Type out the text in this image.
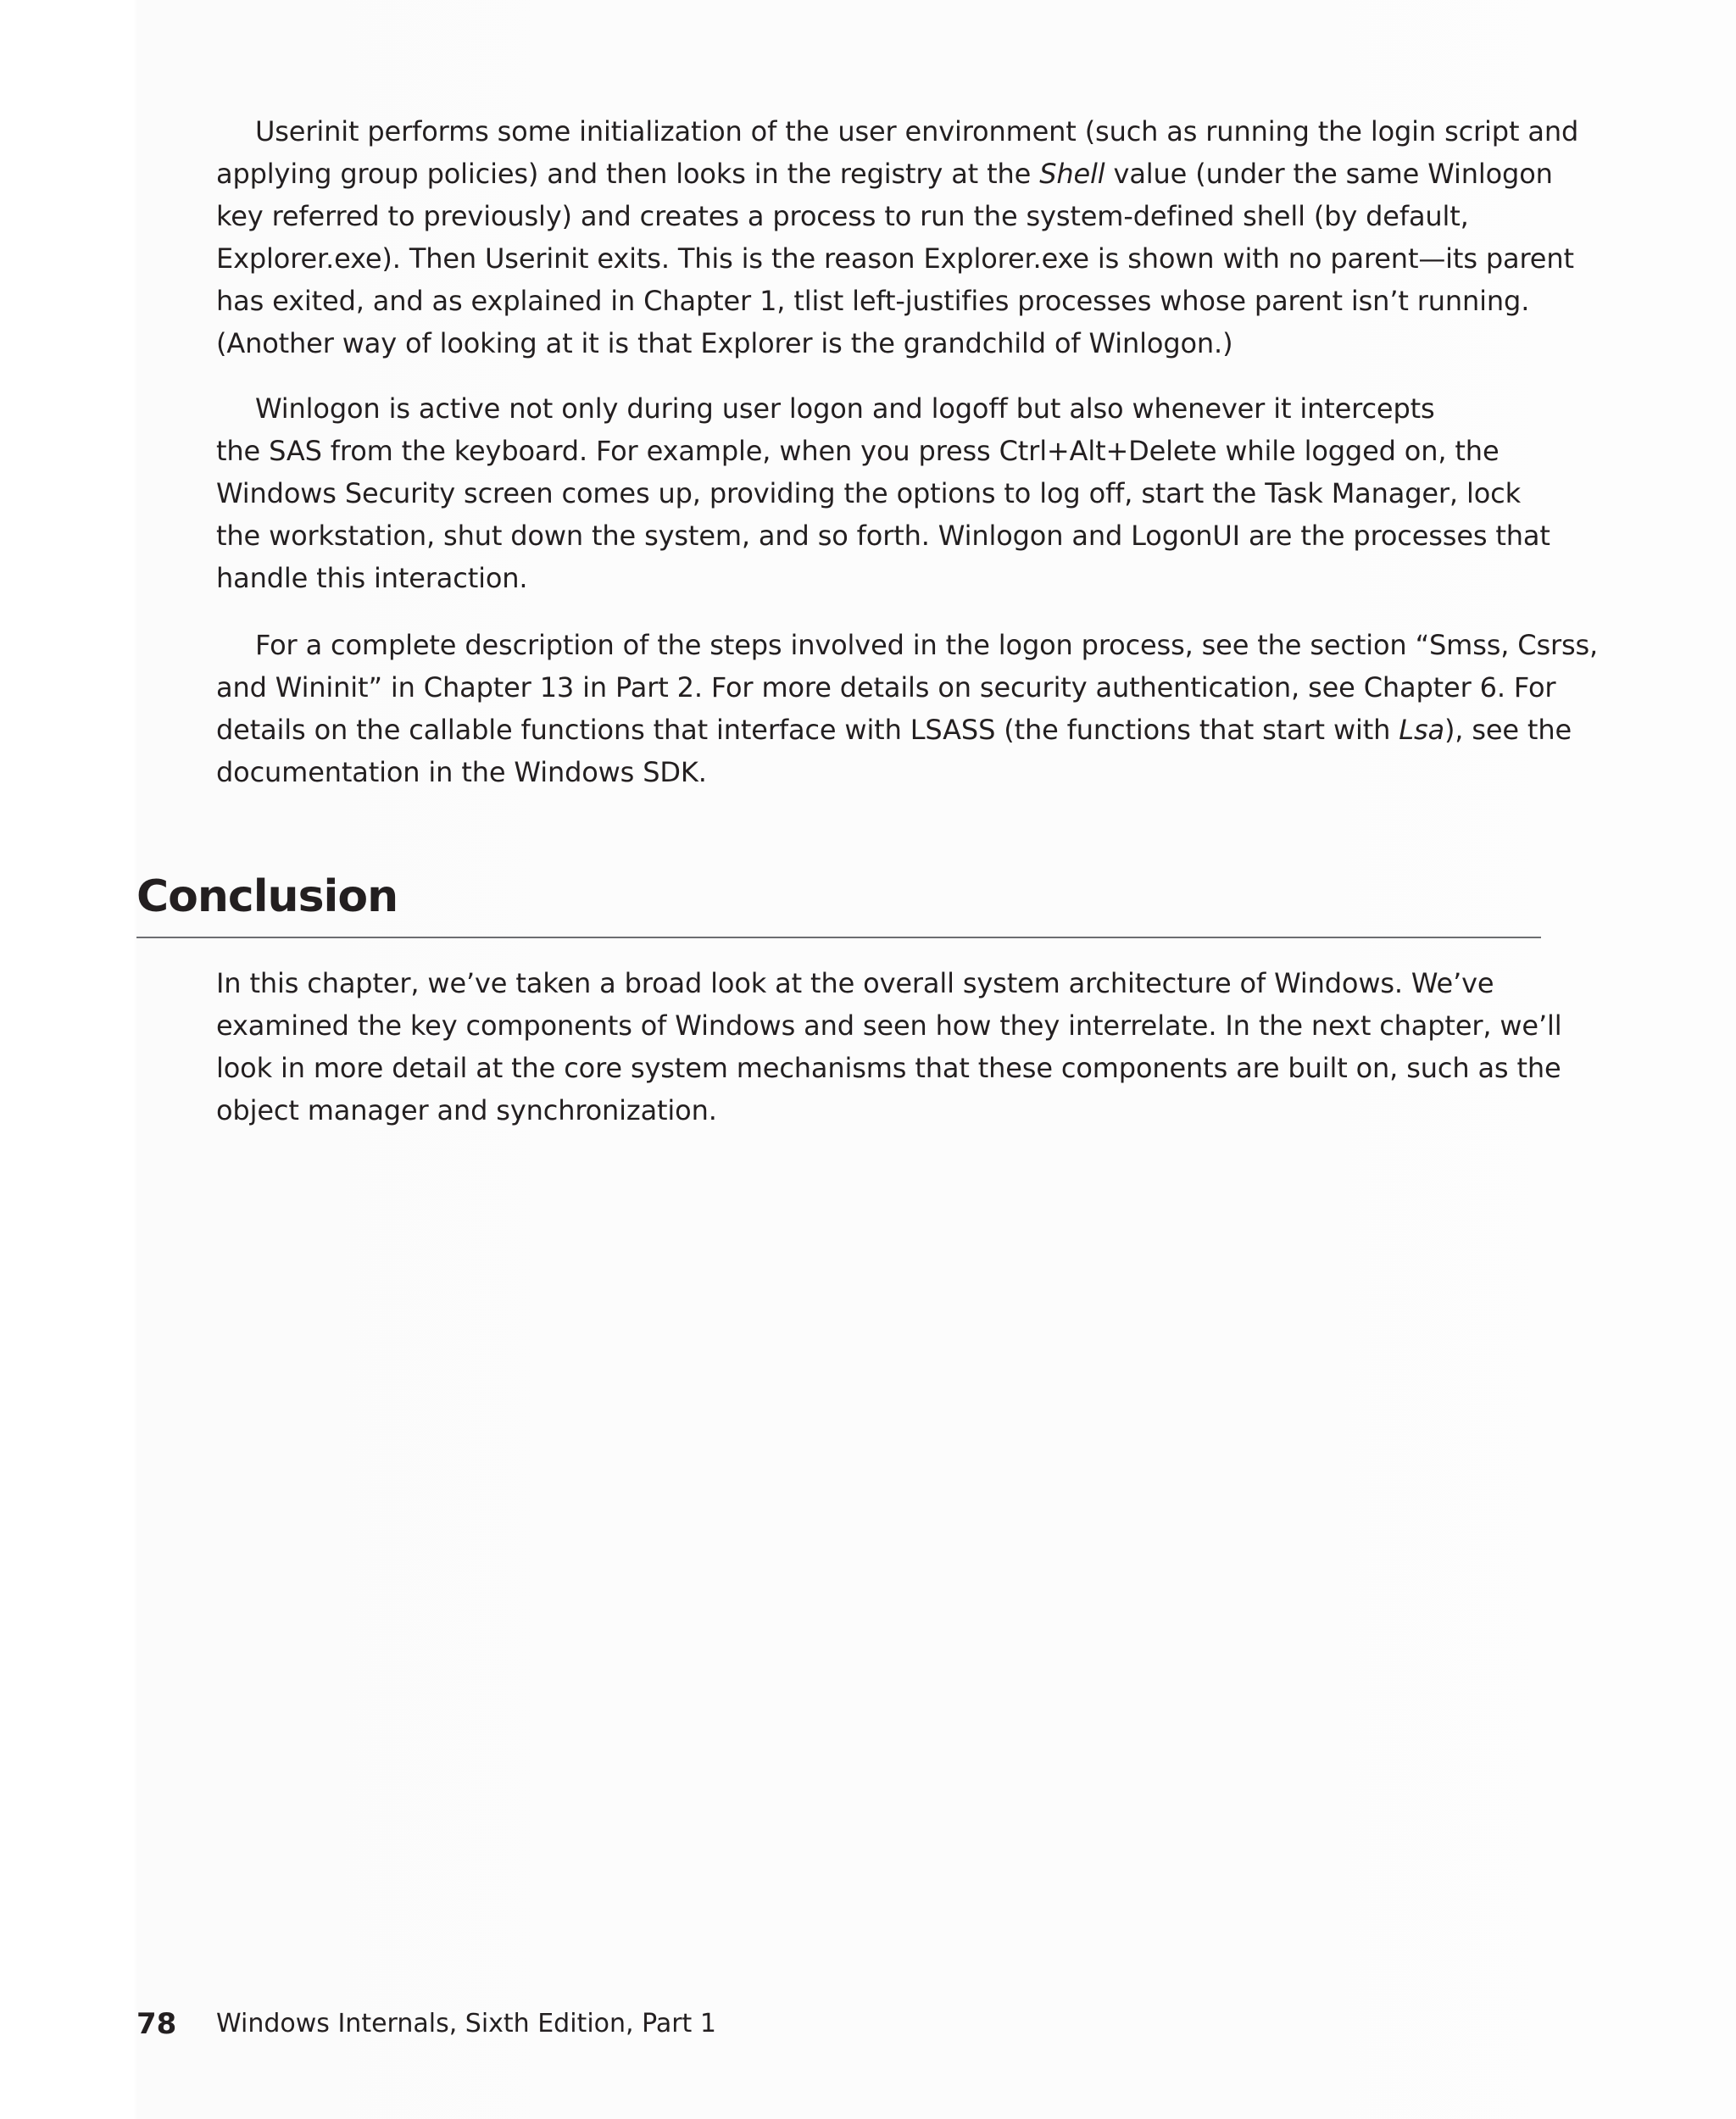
Userinit performs some initialization of the user environment (such as running the login script and
applying group policies) and then looks in the registry at the Shell value (under the same Winlogon
key referred to previously) and creates a process to run the system-defined shell (by default,
Explorer.exe). Then Userinit exits. This is the reason Explorer.exe is shown with no parent—its parent
has exited, and as explained in Chapter 1, tlist left-justifies processes whose parent isn’t running.
(Another way of looking at it is that Explorer is the grandchild of Winlogon.)
Winlogon is active not only during user logon and logoff but also whenever it intercepts
the SAS from the keyboard. For example, when you press Ctrl+Alt+Delete while logged on, the
Windows Security screen comes up, providing the options to log off, start the Task Manager, lock
the workstation, shut down the system, and so forth. Winlogon and LogonUI are the processes that
handle this interaction.
For a complete description of the steps involved in the logon process, see the section “Smss, Csrss,
and Wininit” in Chapter 13 in Part 2. For more details on security authentication, see Chapter 6. For
details on the callable functions that interface with LSASS (the functions that start with Lsa), see the
documentation in the Windows SDK.
Conclusion
In this chapter, we’ve taken a broad look at the overall system architecture of Windows. We’ve
examined the key components of Windows and seen how they interrelate. In the next chapter, we’ll
look in more detail at the core system mechanisms that these components are built on, such as the
object manager and synchronization.
78 Windows Internals, Sixth Edition, Part 1
